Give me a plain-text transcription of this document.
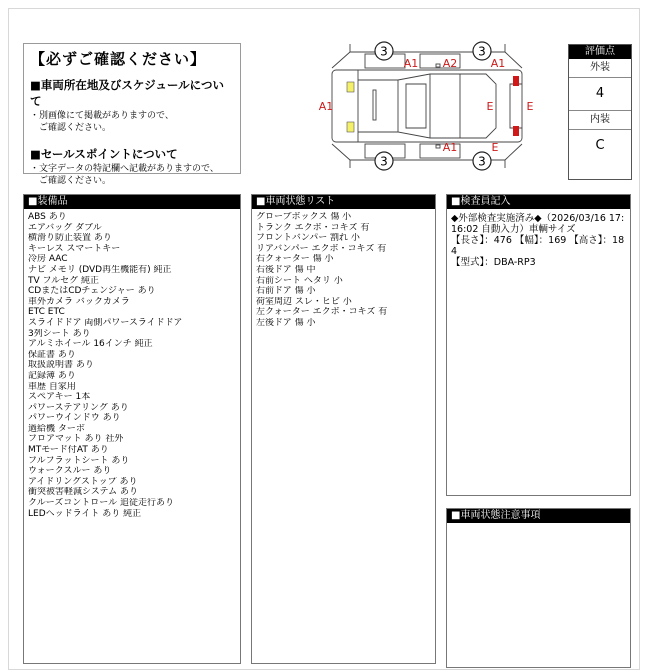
【必ずご確認ください】

■車両所在地及びスケジュールについて

・別画像にて掲載がありますので、
　ご確認ください。

■セールスポイントについて

・文字データの特記欄へ記載がありますので、
　ご確認ください。

3	3
3	3
A1 A2	A1
A1	E	E
E
A1
評価点
外装
4
内装
C
■装備品
ABS あり
エアバッグ ダブル
横滑り防止装置 あり
キーレス スマートキー
冷房 AAC
ナビ メモリ (DVD再生機能有) 純正
TV フルセグ 純正
CDまたはCDチェンジャー あり
車外カメラ バックカメラ
ETC ETC
スライドドア 両側パワースライドドア
3列シート あり
アルミホイール 16インチ 純正
保証書 あり
取扱説明書 あり
記録簿 あり
車歴 自家用
スペアキー 1本
パワーステアリング あり
パワーウインドウ あり
過給機 ターボ
フロアマット あり 社外
MTモード付AT あり
フルフラットシート あり
ウォークスルー あり
アイドリングストップ あり
衝突被害軽減システム あり
クルーズコントロール 追従走行あり
LEDヘッドライト あり 純正
■車両状態リスト
グローブボックス 傷 小
トランク エクボ・コキズ 有
フロントバンパー 割れ 小
リアバンパー エクボ・コキズ 有
右クォーター 傷 小
右後ドア 傷 中
右前シート ヘタリ 小
右前ドア 傷 小
荷室周辺 スレ・ヒビ 小
左クォーター エクボ・コキズ 有
左後ドア 傷 小
■検査員記入

◆外部検査実施済み◆（2026/03/16 17:16:02 自動入力）車輌サイズ
【長さ】：476 【幅】：169 【高さ】：184
【型式】：DBA-RP3

■車両状態注意事項
